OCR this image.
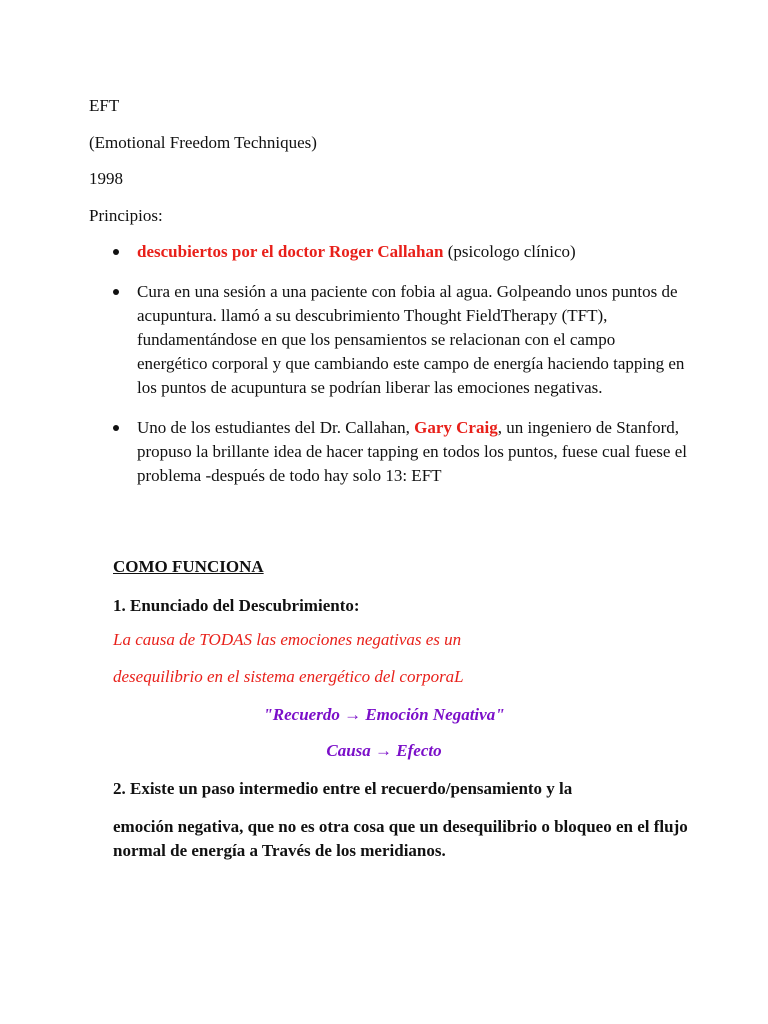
EFT
(Emotional Freedom Techniques)
1998
Principios:
descubiertos por el doctor Roger Callahan (psicologo clínico)
Cura en una sesión a una paciente con fobia al agua. Golpeando unos puntos de acupuntura. llamó a su descubrimiento Thought FieldTherapy (TFT), fundamentándose en que los pensamientos se relacionan con el campo energético corporal y que cambiando este campo de energía haciendo tapping en los puntos de acupuntura se podrían liberar las emociones negativas.
Uno de los estudiantes del Dr. Callahan, Gary Craig, un ingeniero de Stanford, propuso la brillante idea de hacer tapping en todos los puntos, fuese cual fuese el problema -después de todo hay solo 13: EFT
COMO FUNCIONA
1. Enunciado del Descubrimiento:
La causa de TODAS las emociones negativas es un
desequilibrio en el sistema energético del corporaL
"Recuerdo → Emoción Negativa"
Causa → Efecto
2. Existe un paso intermedio entre el recuerdo/pensamiento y la
emoción negativa, que no es otra cosa que un desequilibrio o bloqueo en el flujo normal de energía a Través de los meridianos.
